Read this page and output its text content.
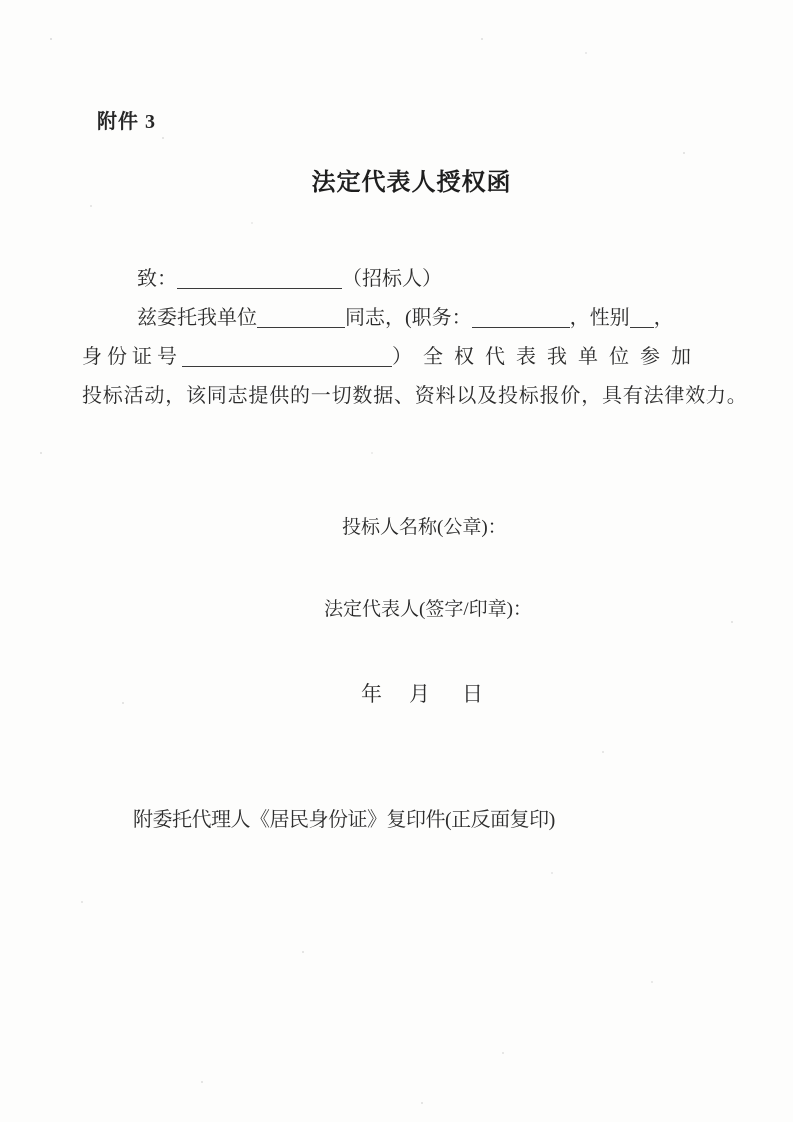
附件 3
法定代表人授权函
致：	（招标人）
兹委托我单位	同志，(职务：	，性别 ，
身份证号	）全权代表我单位参加
投标活动，该同志提供的一切数据、资料以及投标报价，具有法律效力。
投标人名称(公章)：
法定代表人(签字/印章)：
年 月 日
附委托代理人《居民身份证》复印件(正反面复印)
